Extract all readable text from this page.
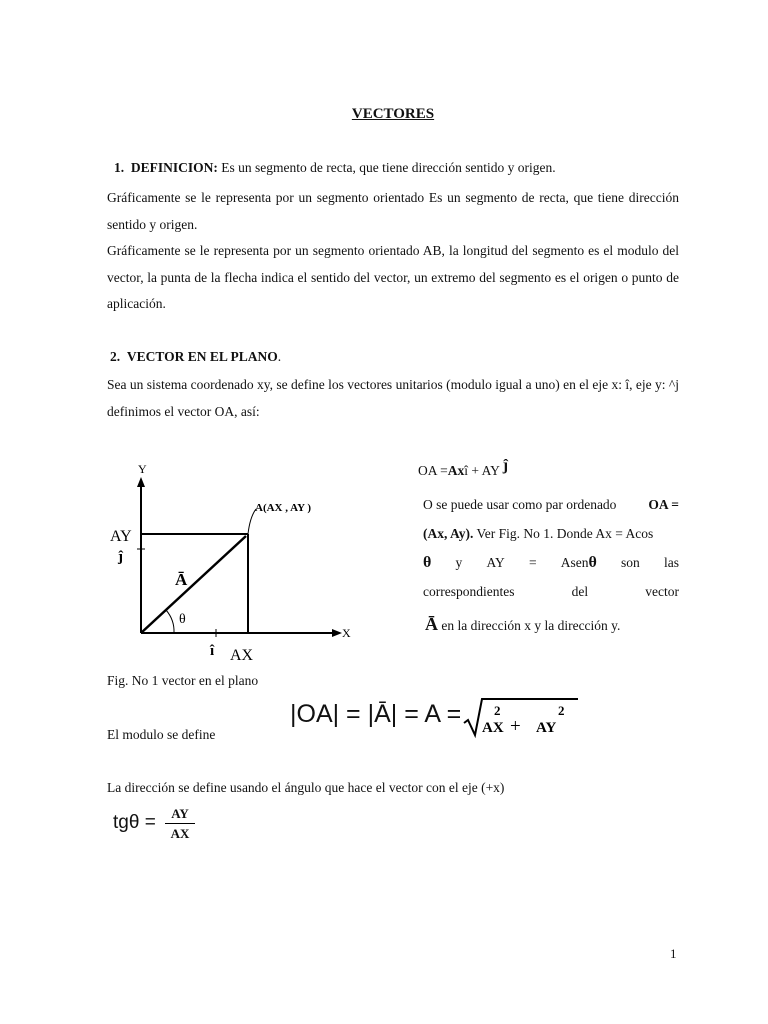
VECTORES
1. DEFINICION: Es un segmento de recta, que tiene dirección sentido y origen.
Gráficamente se le representa por un segmento orientado Es un segmento de recta, que tiene dirección sentido y origen.
Gráficamente se le representa por un segmento orientado AB, la longitud del segmento es el modulo del vector, la punta de la flecha indica el sentido del vector, un extremo del segmento es el origen o punto de aplicación.
2. VECTOR EN EL PLANO.
Sea un sistema coordenado xy, se define los vectores unitarios (modulo igual a uno) en el eje x: î, eje y: ^j definimos el vector OA, así:
Y
X
A(AX , AY )
AY
ĵ
î AX
Ā
θ
Fig. No 1 vector en el plano
OA =Axî + AY ĵ
O se puede usar como par ordenado OA =
(Ax, Ay). Ver Fig. No 1. Donde Ax = Acos
θ y AY = Asenθ son las
correspondientes	del	vector
Ā en la dirección x y la dirección y.
El modulo se define
|OA| = |Ā| = A = AX
2
+ AY
2
La dirección se define usando el ángulo que hace el vector con el eje (+x)
$tg\theta = \frac{AY}{AX}$
1
